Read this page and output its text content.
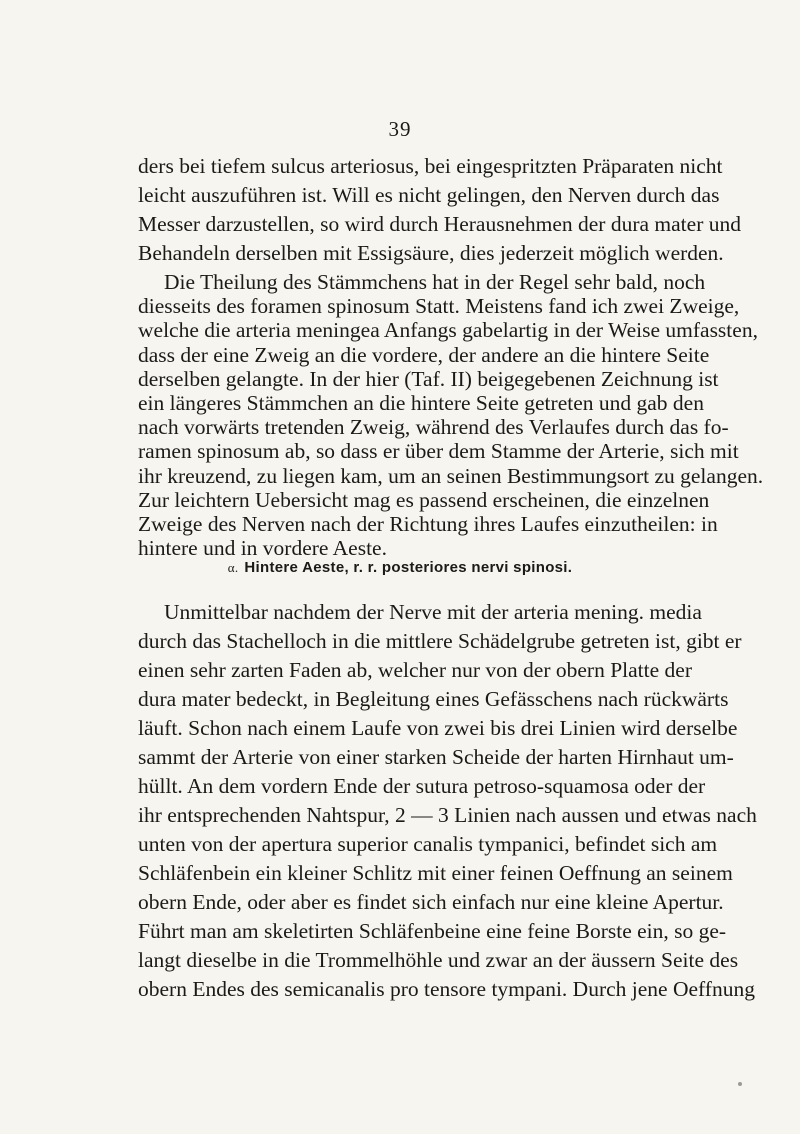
39
ders bei tiefem sulcus arteriosus, bei eingespritzten Präparaten nicht
leicht auszuführen ist. Will es nicht gelingen, den Nerven durch das
Messer darzustellen, so wird durch Herausnehmen der dura mater und
Behandeln derselben mit Essigsäure, dies jederzeit möglich werden.
Die Theilung des Stämmchens hat in der Regel sehr bald, noch
diesseits des foramen spinosum Statt. Meistens fand ich zwei Zweige,
welche die arteria meningea Anfangs gabelartig in der Weise umfassten,
dass der eine Zweig an die vordere, der andere an die hintere Seite
derselben gelangte. In der hier (Taf. II) beigegebenen Zeichnung ist
ein längeres Stämmchen an die hintere Seite getreten und gab den
nach vorwärts tretenden Zweig, während des Verlaufes durch das fo-
ramen spinosum ab, so dass er über dem Stamme der Arterie, sich mit
ihr kreuzend, zu liegen kam, um an seinen Bestimmungsort zu gelangen.
Zur leichtern Uebersicht mag es passend erscheinen, die einzelnen
Zweige des Nerven nach der Richtung ihres Laufes einzutheilen: in
hintere und in vordere Aeste.
α. Hintere Aeste, r. r. posteriores nervi spinosi.
Unmittelbar nachdem der Nerve mit der arteria mening. media
durch das Stachelloch in die mittlere Schädelgrube getreten ist, gibt er
einen sehr zarten Faden ab, welcher nur von der obern Platte der
dura mater bedeckt, in Begleitung eines Gefässchens nach rückwärts
läuft. Schon nach einem Laufe von zwei bis drei Linien wird derselbe
sammt der Arterie von einer starken Scheide der harten Hirnhaut um-
hüllt. An dem vordern Ende der sutura petroso-squamosa oder der
ihr entsprechenden Nahtspur, 2 — 3 Linien nach aussen und etwas nach
unten von der apertura superior canalis tympanici, befindet sich am
Schläfenbein ein kleiner Schlitz mit einer feinen Oeffnung an seinem
obern Ende, oder aber es findet sich einfach nur eine kleine Apertur.
Führt man am skeletirten Schläfenbeine eine feine Borste ein, so ge-
langt dieselbe in die Trommelhöhle und zwar an der äussern Seite des
obern Endes des semicanalis pro tensore tympani. Durch jene Oeffnung
